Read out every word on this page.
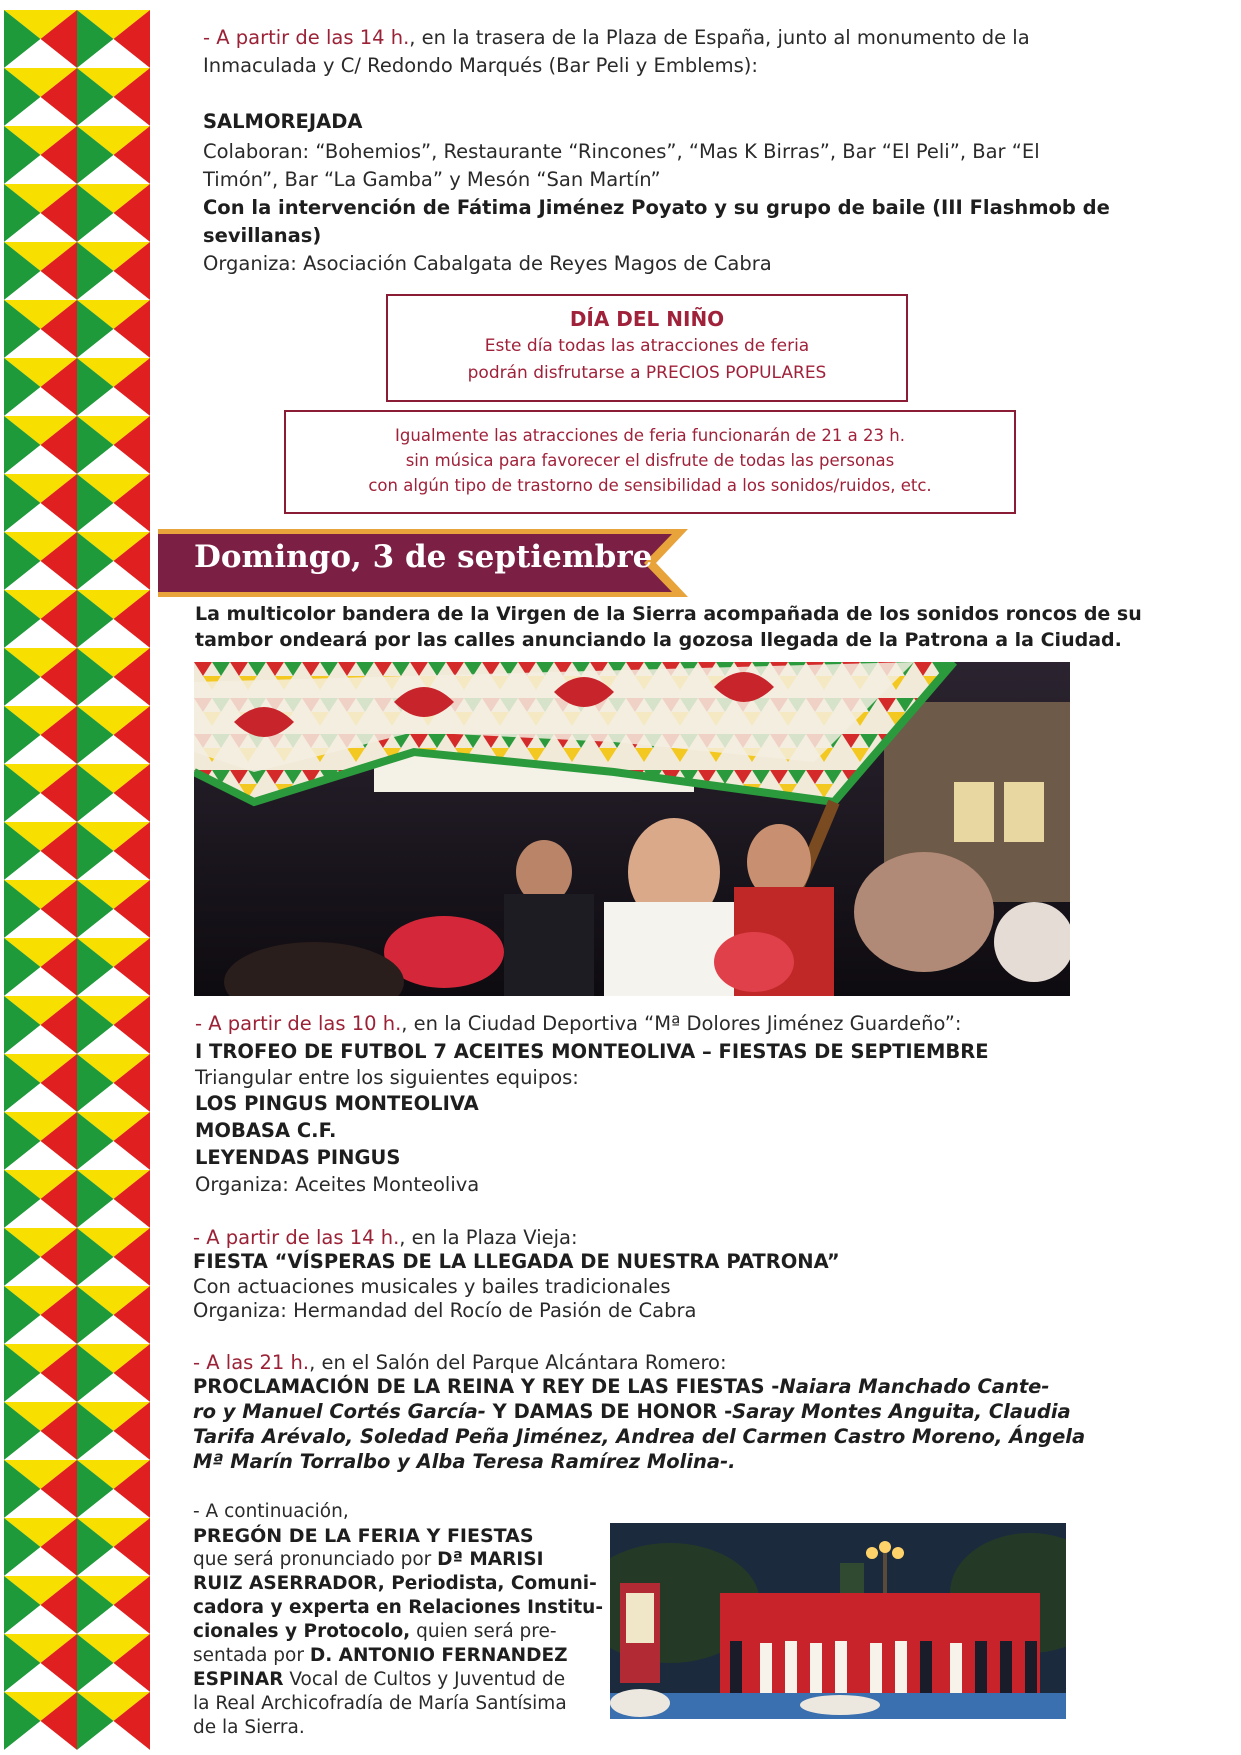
- A partir de las 14 h., en la trasera de la Plaza de España, junto al monumento de la
Inmaculada y C/ Redondo Marqués (Bar Peli y Emblems):
SALMOREJADA
Colaboran: “Bohemios”, Restaurante “Rincones”, “Mas K Birras”, Bar “El Peli”, Bar “El
Timón”, Bar “La Gamba” y Mesón “San Martín”
Con la intervención de Fátima Jiménez Poyato y su grupo de baile (III Flashmob de
sevillanas)
Organiza: Asociación Cabalgata de Reyes Magos de Cabra
DÍA DEL NIÑO
Este día todas las atracciones de feria
podrán disfrutarse a PRECIOS POPULARES
Igualmente las atracciones de feria funcionarán de 21 a 23 h.
sin música para favorecer el disfrute de todas las personas
con algún tipo de trastorno de sensibilidad a los sonidos/ruidos, etc.
Domingo, 3 de septiembre
La multicolor bandera de la Virgen de la Sierra acompañada de los sonidos roncos de su
tambor ondeará por las calles anunciando la gozosa llegada de la Patrona a la Ciudad.
- A partir de las 10 h., en la Ciudad Deportiva “Mª Dolores Jiménez Guardeño”:
I TROFEO DE FUTBOL 7 ACEITES MONTEOLIVA – FIESTAS DE SEPTIEMBRE
Triangular entre los siguientes equipos:
LOS PINGUS MONTEOLIVA
MOBASA C.F.
LEYENDAS PINGUS
Organiza: Aceites Monteoliva
- A partir de las 14 h., en la Plaza Vieja:
FIESTA “VÍSPERAS DE LA LLEGADA DE NUESTRA PATRONA”
Con actuaciones musicales y bailes tradicionales
Organiza: Hermandad del Rocío de Pasión de Cabra
- A las 21 h., en el Salón del Parque Alcántara Romero:
PROCLAMACIÓN DE LA REINA Y REY DE LAS FIESTAS -Naiara Manchado Cante-
ro y Manuel Cortés García- Y DAMAS DE HONOR -Saray Montes Anguita, Claudia
Tarifa Arévalo, Soledad Peña Jiménez, Andrea del Carmen Castro Moreno, Ángela
Mª Marín Torralbo y Alba Teresa Ramírez Molina-.
- A continuación,
PREGÓN DE LA FERIA Y FIESTAS
que será pronunciado por Dª MARISI
RUIZ ASERRADOR, Periodista, Comuni-
cadora y experta en Relaciones Institu-
cionales y Protocolo, quien será pre-
sentada por D. ANTONIO FERNANDEZ
ESPINAR Vocal de Cultos y Juventud de
la Real Archicofradía de María Santísima
de la Sierra.
